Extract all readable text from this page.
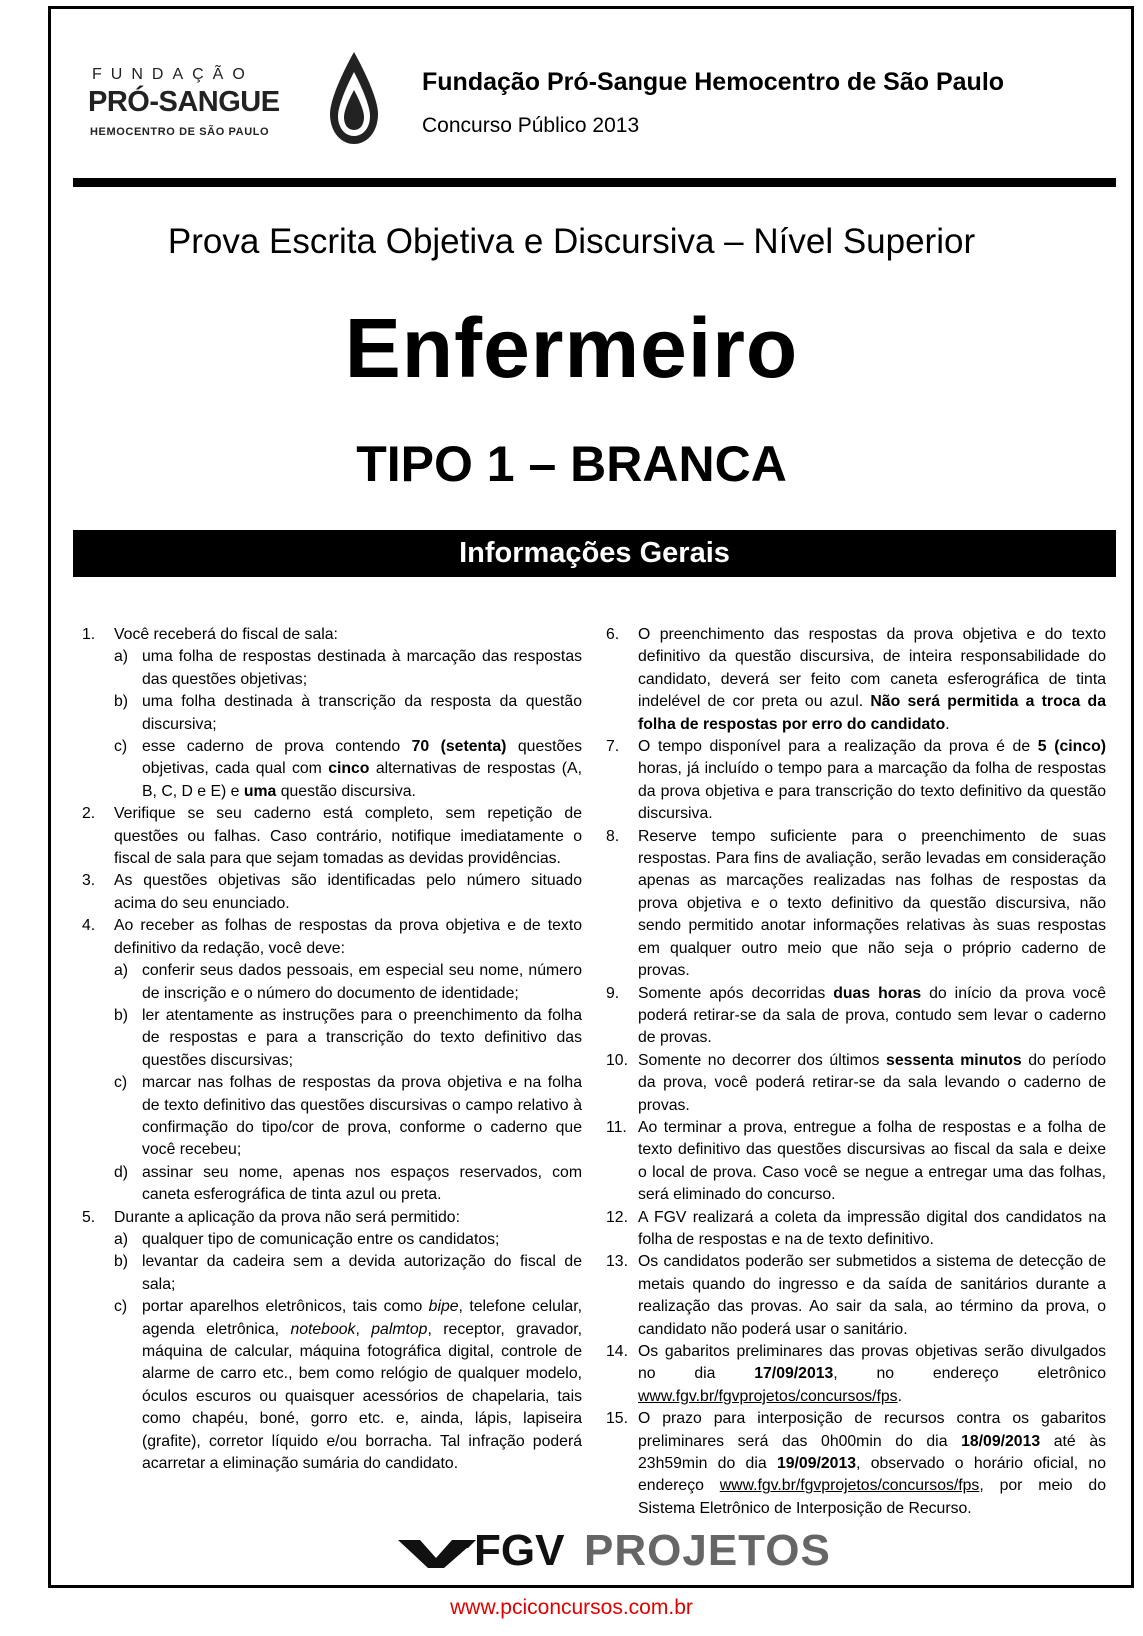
FUNDAÇÃO
PRÓ-SANGUE
HEMOCENTRO DE SÃO PAULO
Fundação Pró-Sangue Hemocentro de São Paulo
Concurso Público 2013
Prova Escrita Objetiva e Discursiva – Nível Superior
Enfermeiro
TIPO 1 – BRANCA
Informações Gerais
1. Você receberá do fiscal de sala:
a) uma folha de respostas destinada à marcação das respostas das questões objetivas;
b) uma folha destinada à transcrição da resposta da questão discursiva;
c) esse caderno de prova contendo 70 (setenta) questões objetivas, cada qual com cinco alternativas de respostas (A, B, C, D e E) e uma questão discursiva.
2. Verifique se seu caderno está completo, sem repetição de questões ou falhas. Caso contrário, notifique imediatamente o fiscal de sala para que sejam tomadas as devidas providências.
3. As questões objetivas são identificadas pelo número situado acima do seu enunciado.
4. Ao receber as folhas de respostas da prova objetiva e de texto definitivo da redação, você deve:
a) conferir seus dados pessoais, em especial seu nome, número de inscrição e o número do documento de identidade;
b) ler atentamente as instruções para o preenchimento da folha de respostas e para a transcrição do texto definitivo das questões discursivas;
c) marcar nas folhas de respostas da prova objetiva e na folha de texto definitivo das questões discursivas o campo relativo à confirmação do tipo/cor de prova, conforme o caderno que você recebeu;
d) assinar seu nome, apenas nos espaços reservados, com caneta esferográfica de tinta azul ou preta.
5. Durante a aplicação da prova não será permitido:
a) qualquer tipo de comunicação entre os candidatos;
b) levantar da cadeira sem a devida autorização do fiscal de sala;
c) portar aparelhos eletrônicos, tais como bipe, telefone celular, agenda eletrônica, notebook, palmtop, receptor, gravador, máquina de calcular, máquina fotográfica digital, controle de alarme de carro etc., bem como relógio de qualquer modelo, óculos escuros ou quaisquer acessórios de chapelaria, tais como chapéu, boné, gorro etc. e, ainda, lápis, lapiseira (grafite), corretor líquido e/ou borracha. Tal infração poderá acarretar a eliminação sumária do candidato.
6. O preenchimento das respostas da prova objetiva e do texto definitivo da questão discursiva, de inteira responsabilidade do candidato, deverá ser feito com caneta esferográfica de tinta indelével de cor preta ou azul. Não será permitida a troca da folha de respostas por erro do candidato.
7. O tempo disponível para a realização da prova é de 5 (cinco) horas, já incluído o tempo para a marcação da folha de respostas da prova objetiva e para transcrição do texto definitivo da questão discursiva.
8. Reserve tempo suficiente para o preenchimento de suas respostas. Para fins de avaliação, serão levadas em consideração apenas as marcações realizadas nas folhas de respostas da prova objetiva e o texto definitivo da questão discursiva, não sendo permitido anotar informações relativas às suas respostas em qualquer outro meio que não seja o próprio caderno de provas.
9. Somente após decorridas duas horas do início da prova você poderá retirar-se da sala de prova, contudo sem levar o caderno de provas.
10. Somente no decorrer dos últimos sessenta minutos do período da prova, você poderá retirar-se da sala levando o caderno de provas.
11. Ao terminar a prova, entregue a folha de respostas e a folha de texto definitivo das questões discursivas ao fiscal da sala e deixe o local de prova. Caso você se negue a entregar uma das folhas, será eliminado do concurso.
12. A FGV realizará a coleta da impressão digital dos candidatos na folha de respostas e na de texto definitivo.
13. Os candidatos poderão ser submetidos a sistema de detecção de metais quando do ingresso e da saída de sanitários durante a realização das provas. Ao sair da sala, ao término da prova, o candidato não poderá usar o sanitário.
14. Os gabaritos preliminares das provas objetivas serão divulgados no dia 17/09/2013, no endereço eletrônico www.fgv.br/fgvprojetos/concursos/fps.
15. O prazo para interposição de recursos contra os gabaritos preliminares será das 0h00min do dia 18/09/2013 até às 23h59min do dia 19/09/2013, observado o horário oficial, no endereço www.fgv.br/fgvprojetos/concursos/fps, por meio do Sistema Eletrônico de Interposição de Recurso.
FGV PROJETOS
www.pciconcursos.com.br
